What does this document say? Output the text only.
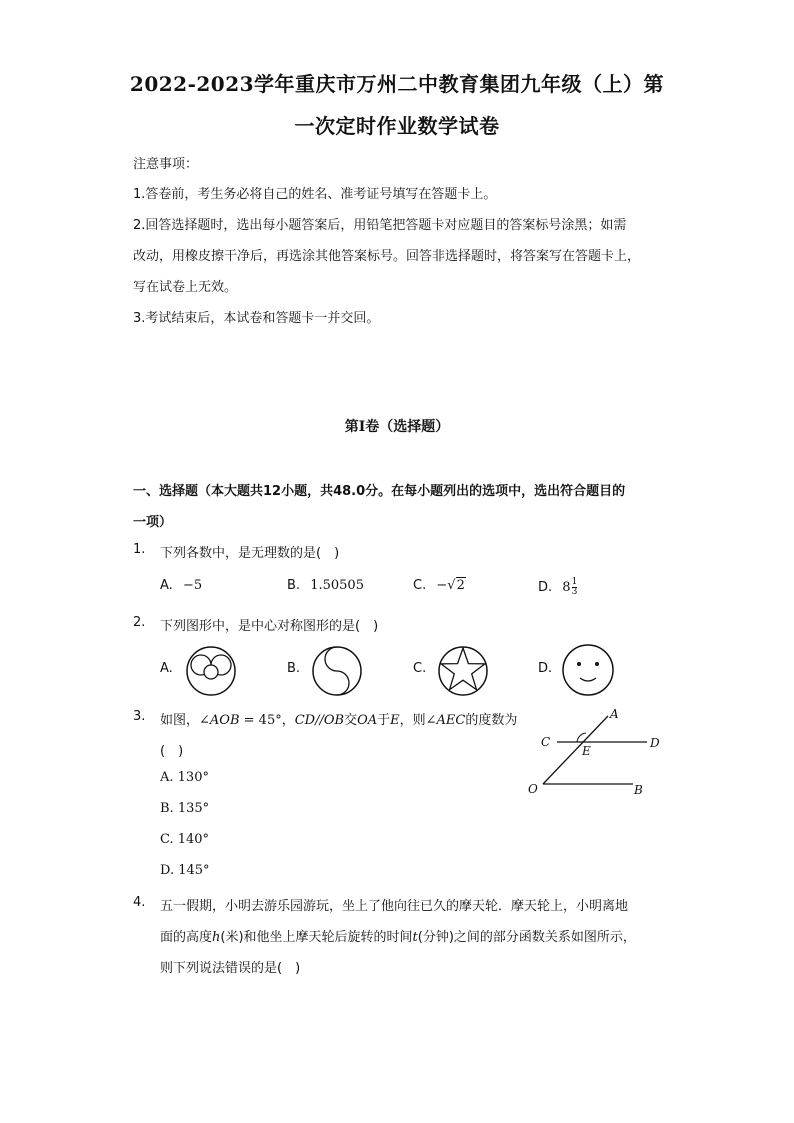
2022-2023学年重庆市万州二中教育集团九年级（上）第
一次定时作业数学试卷
注意事项：
1.答卷前，考生务必将自己的姓名、准考证号填写在答题卡上。
2.回答选择题时，选出每小题答案后，用铅笔把答题卡对应题目的答案标号涂黑；如需
改动，用橡皮擦干净后，再选涂其他答案标号。回答非选择题时，将答案写在答题卡上，
写在试卷上无效。
3.考试结束后，本试卷和答题卡一并交回。
第I卷（选择题）
一、选择题（本大题共12小题，共48.0分。在每小题列出的选项中，选出符合题目的
一项）
1. 下列各数中，是无理数的是(　)
A. −5	B. 1.50505	C. −√2	D. $8 \frac{1}{3}$
2. 下列图形中，是中心对称图形的是(　)
A.	B.	C.	D.
3. 如图，∠AOB = 45°，CD//OB交OA于E，则∠AEC的度数为
(　)
A. 130°
B. 135°
C. 140°
D. 145°
A
C
E
D
O	B
4. 五一假期，小明去游乐园游玩，坐上了他向往已久的摩天轮．摩天轮上，小明离地
面的高度h(米)和他坐上摩天轮后旋转的时间t(分钟)之间的部分函数关系如图所示，
则下列说法错误的是(　)
